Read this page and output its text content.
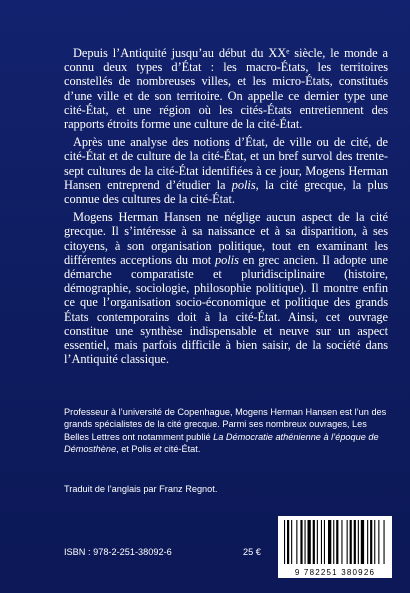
Depuis l’Antiquité jusqu’au début du XXᵉ siècle, le monde a connu deux types d’État : les macro-États, les territoires constellés de nombreuses villes, et les micro-États, constitués d’une ville et de son territoire. On appelle ce dernier type une cité-État, et une région où les cités-États entretiennent des rapports étroits forme une culture de la cité-État.

Après une analyse des notions d’État, de ville ou de cité, de cité-État et de culture de la cité-État, et un bref survol des trente-sept cultures de la cité-État identifiées à ce jour, Mogens Herman Hansen entreprend d’étudier la polis, la cité grecque, la plus connue des cultures de la cité-État.

Mogens Herman Hansen ne néglige aucun aspect de la cité grecque. Il s’intéresse à sa naissance et à sa disparition, à ses citoyens, à son organisation politique, tout en examinant les différentes acceptions du mot polis en grec ancien. Il adopte une démarche comparatiste et pluridisciplinaire (histoire, démographie, sociologie, philosophie politique). Il montre enfin ce que l’organisation socio-économique et politique des grands États contemporains doit à la cité-État. Ainsi, cet ouvrage constitue une synthèse indispensable et neuve sur un aspect essentiel, mais parfois difficile à bien saisir, de la société dans l’Antiquité classique.

Professeur à l’université de Copenhague, Mogens Herman Hansen est l’un des grands spécialistes de la cité grecque. Parmi ses nombreux ouvrages, Les Belles Lettres ont notamment publié La Démocratie athénienne à l’époque de Démosthène, et Polis et cité-État.

Traduit de l’anglais par Franz Regnot.
ISBN : 978-2-251-38092-6	25 €
9 782251 380926
